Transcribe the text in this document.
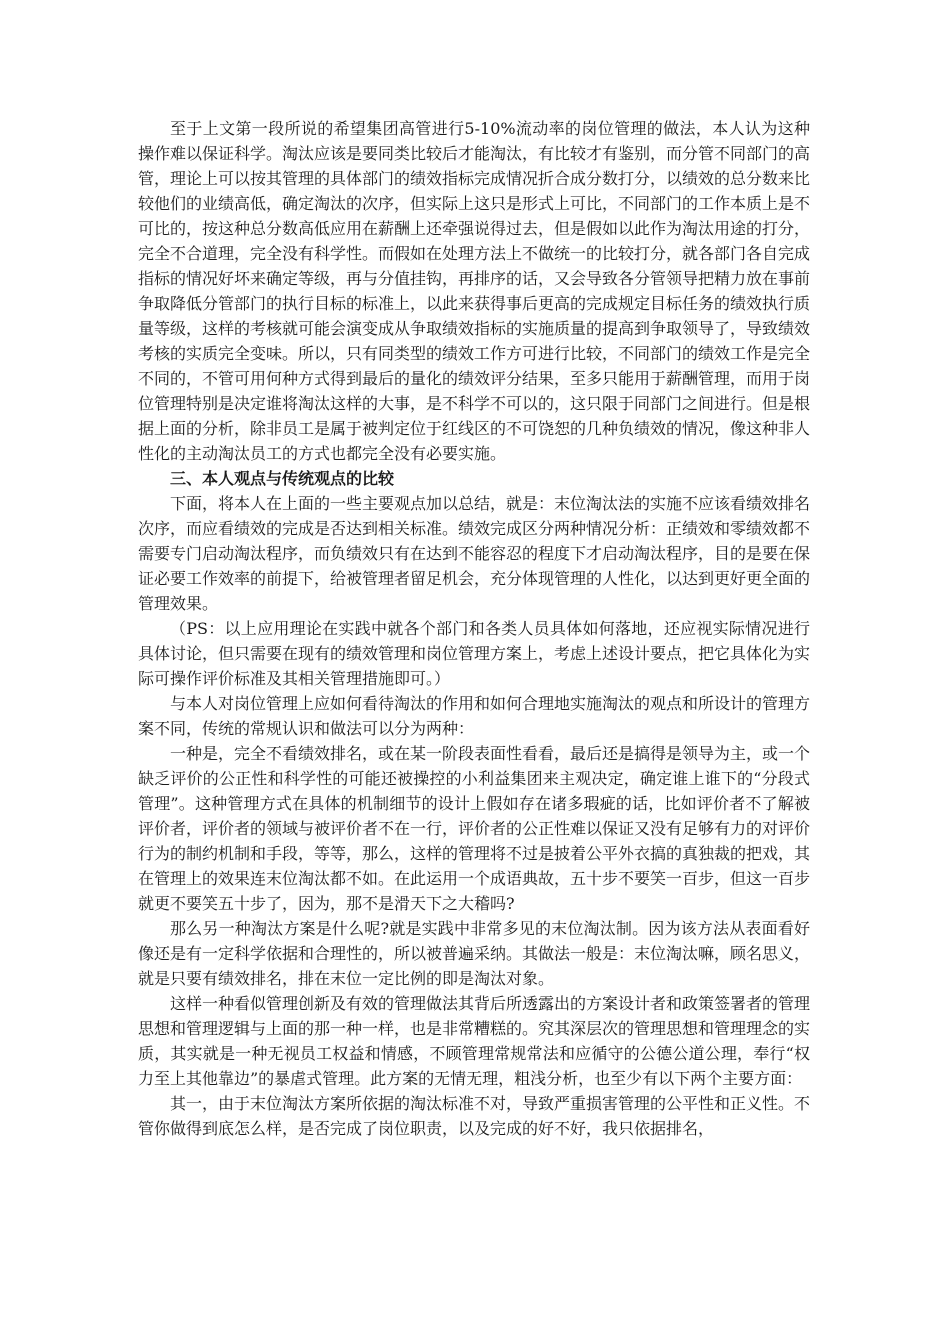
至于上文第一段所说的希望集团高管进行5-10%流动率的岗位管理的做法，本人认为这种操作难以保证科学。淘汰应该是要同类比较后才能淘汰，有比较才有鉴别，而分管不同部门的高管，理论上可以按其管理的具体部门的绩效指标完成情况折合成分数打分，以绩效的总分数来比较他们的业绩高低，确定淘汰的次序，但实际上这只是形式上可比，不同部门的工作本质上是不可比的，按这种总分数高低应用在薪酬上还牵强说得过去，但是假如以此作为淘汰用途的打分，完全不合道理，完全没有科学性。而假如在处理方法上不做统一的比较打分，就各部门各自完成指标的情况好坏来确定等级，再与分值挂钩，再排序的话，又会导致各分管领导把精力放在事前争取降低分管部门的执行目标的标准上，以此来获得事后更高的完成规定目标任务的绩效执行质量等级，这样的考核就可能会演变成从争取绩效指标的实施质量的提高到争取领导了，导致绩效考核的实质完全变味。所以，只有同类型的绩效工作方可进行比较，不同部门的绩效工作是完全不同的，不管可用何种方式得到最后的量化的绩效评分结果，至多只能用于薪酬管理，而用于岗位管理特别是决定谁将淘汰这样的大事，是不科学不可以的，这只限于同部门之间进行。但是根据上面的分析，除非员工是属于被判定位于红线区的不可饶恕的几种负绩效的情况，像这种非人性化的主动淘汰员工的方式也都完全没有必要实施。

三、本人观点与传统观点的比较

下面，将本人在上面的一些主要观点加以总结，就是：末位淘汰法的实施不应该看绩效排名次序，而应看绩效的完成是否达到相关标准。绩效完成区分两种情况分析：正绩效和零绩效都不需要专门启动淘汰程序，而负绩效只有在达到不能容忍的程度下才启动淘汰程序，目的是要在保证必要工作效率的前提下，给被管理者留足机会，充分体现管理的人性化，以达到更好更全面的管理效果。

（PS：以上应用理论在实践中就各个部门和各类人员具体如何落地，还应视实际情况进行具体讨论，但只需要在现有的绩效管理和岗位管理方案上，考虑上述设计要点，把它具体化为实际可操作评价标准及其相关管理措施即可。）

与本人对岗位管理上应如何看待淘汰的作用和如何合理地实施淘汰的观点和所设计的管理方案不同，传统的常规认识和做法可以分为两种：

一种是，完全不看绩效排名，或在某一阶段表面性看看，最后还是搞得是领导为主，或一个缺乏评价的公正性和科学性的可能还被操控的小利益集团来主观决定，确定谁上谁下的“分段式管理”。这种管理方式在具体的机制细节的设计上假如存在诸多瑕疵的话，比如评价者不了解被评价者，评价者的领域与被评价者不在一行，评价者的公正性难以保证又没有足够有力的对评价行为的制约机制和手段，等等，那么，这样的管理将不过是披着公平外衣搞的真独裁的把戏，其在管理上的效果连末位淘汰都不如。在此运用一个成语典故，五十步不要笑一百步，但这一百步就更不要笑五十步了，因为，那不是滑天下之大稽吗?

那么另一种淘汰方案是什么呢?就是实践中非常多见的末位淘汰制。因为该方法从表面看好像还是有一定科学依据和合理性的，所以被普遍采纳。其做法一般是：末位淘汰嘛，顾名思义，就是只要有绩效排名，排在末位一定比例的即是淘汰对象。

这样一种看似管理创新及有效的管理做法其背后所透露出的方案设计者和政策签署者的管理思想和管理逻辑与上面的那一种一样，也是非常糟糕的。究其深层次的管理思想和管理理念的实质，其实就是一种无视员工权益和情感，不顾管理常规常法和应循守的公德公道公理，奉行“权力至上其他靠边”的暴虐式管理。此方案的无情无理，粗浅分析，也至少有以下两个主要方面：

其一，由于末位淘汰方案所依据的淘汰标准不对，导致严重损害管理的公平性和正义性。不管你做得到底怎么样，是否完成了岗位职责，以及完成的好不好，我只依据排名，
